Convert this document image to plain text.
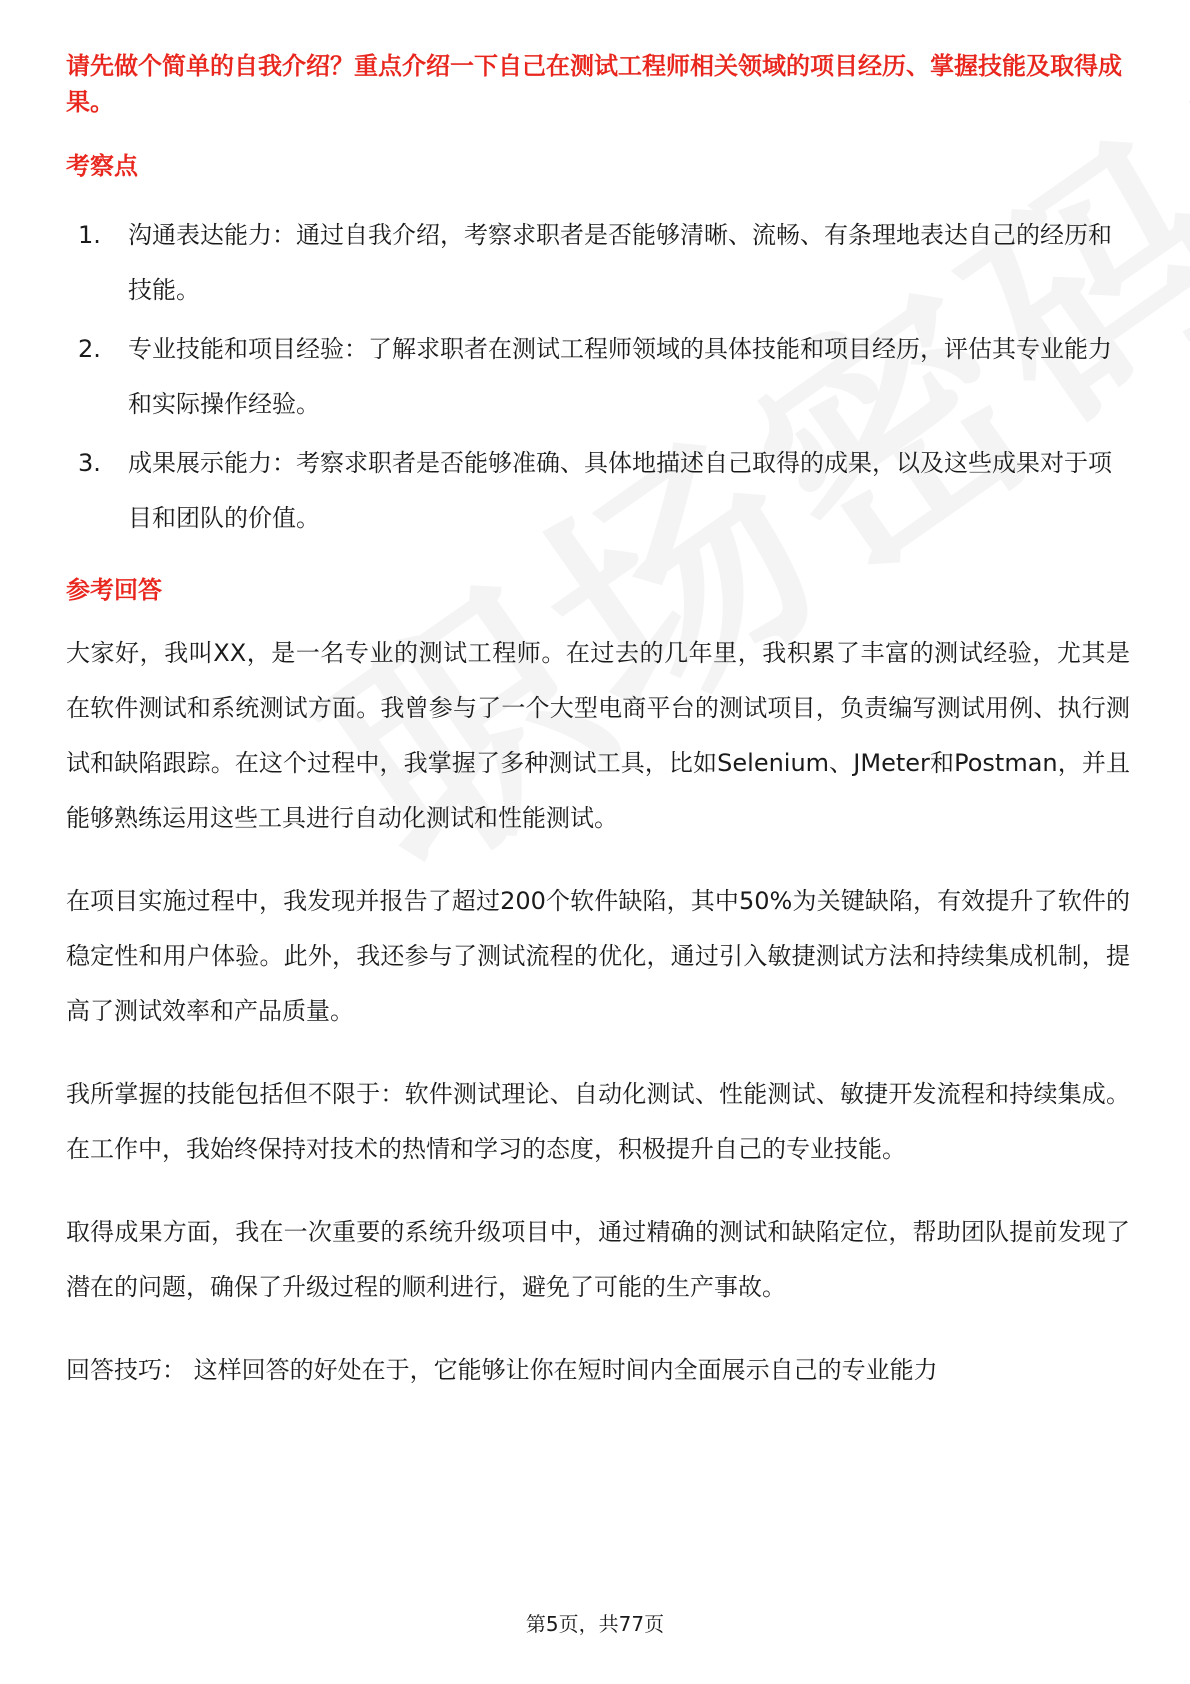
请先做个简单的自我介绍？重点介绍一下自己在测试工程师相关领域的项目经历、掌握技能及取得成果。

考察点
1.	沟通表达能力：通过自我介绍，考察求职者是否能够清晰、流畅、有条理地表达自己的经历和技能。
2.	专业技能和项目经验：了解求职者在测试工程师领域的具体技能和项目经历，评估其专业能力和实际操作经验。
3.	成果展示能力：考察求职者是否能够准确、具体地描述自己取得的成果，以及这些成果对于项目和团队的价值。
参考回答

大家好，我叫XX，是一名专业的测试工程师。在过去的几年里，我积累了丰富的测试经验，尤其是在软件测试和系统测试方面。我曾参与了一个大型电商平台的测试项目，负责编写测试用例、执行测试和缺陷跟踪。在这个过程中，我掌握了多种测试工具，比如Selenium、JMeter和Postman，并且能够熟练运用这些工具进行自动化测试和性能测试。

在项目实施过程中，我发现并报告了超过200个软件缺陷，其中50%为关键缺陷，有效提升了软件的稳定性和用户体验。此外，我还参与了测试流程的优化，通过引入敏捷测试方法和持续集成机制，提高了测试效率和产品质量。

我所掌握的技能包括但不限于：软件测试理论、自动化测试、性能测试、敏捷开发流程和持续集成。在工作中，我始终保持对技术的热情和学习的态度，积极提升自己的专业技能。

取得成果方面，我在一次重要的系统升级项目中，通过精确的测试和缺陷定位，帮助团队提前发现了潜在的问题，确保了升级过程的顺利进行，避免了可能的生产事故。

回答技巧： 这样回答的好处在于，它能够让你在短时间内全面展示自己的专业能力

第5页，共77页
